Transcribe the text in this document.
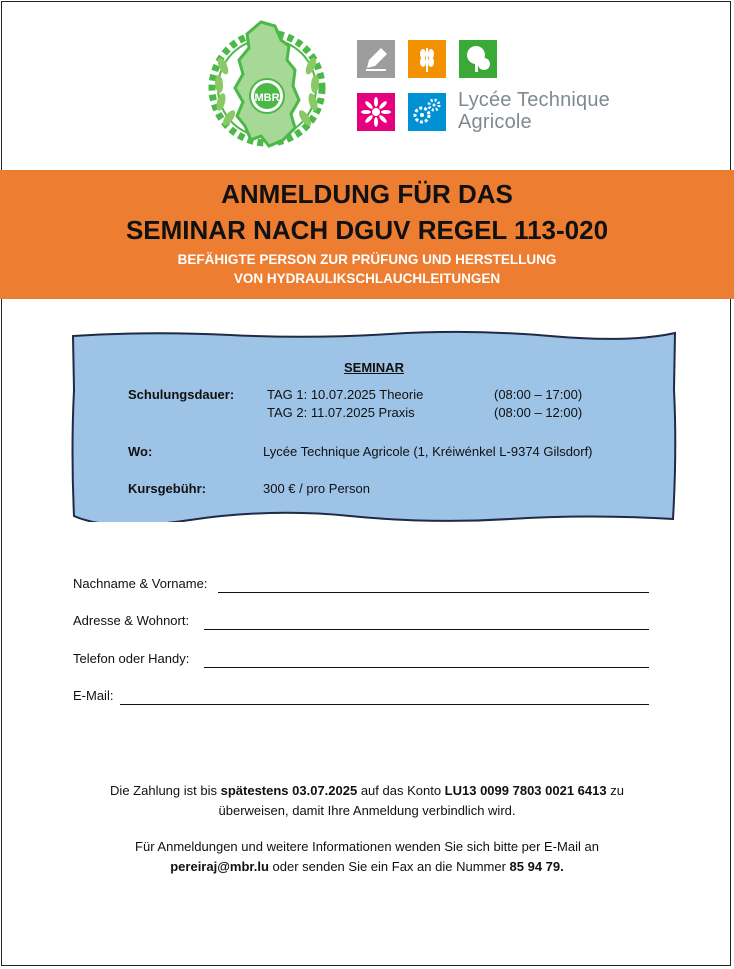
MBR	Lycée Technique
Agricole
ANMELDUNG FÜR DAS
SEMINAR NACH DGUV REGEL 113-020
BEFÄHIGTE PERSON ZUR PRÜFUNG UND HERSTELLUNG
VON HYDRAULIKSCHLAUCHLEITUNGEN
SEMINAR
Schulungsdauer:	TAG 1: 10.07.2025 Theorie	(08:00 – 17:00)
TAG 2: 11.07.2025 Praxis	(08:00 – 12:00)
Wo:	Lycée Technique Agricole (1, Kréiwénkel L-9374 Gilsdorf)
Kursgebühr:	300 € / pro Person
Nachname & Vorname:
Adresse & Wohnort:
Telefon oder Handy:
E-Mail:
Die Zahlung ist bis spätestens 03.07.2025 auf das Konto LU13 0099 7803 0021 6413 zu
überweisen, damit Ihre Anmeldung verbindlich wird.
Für Anmeldungen und weitere Informationen wenden Sie sich bitte per E-Mail an
pereiraj@mbr.lu oder senden Sie ein Fax an die Nummer 85 94 79.
